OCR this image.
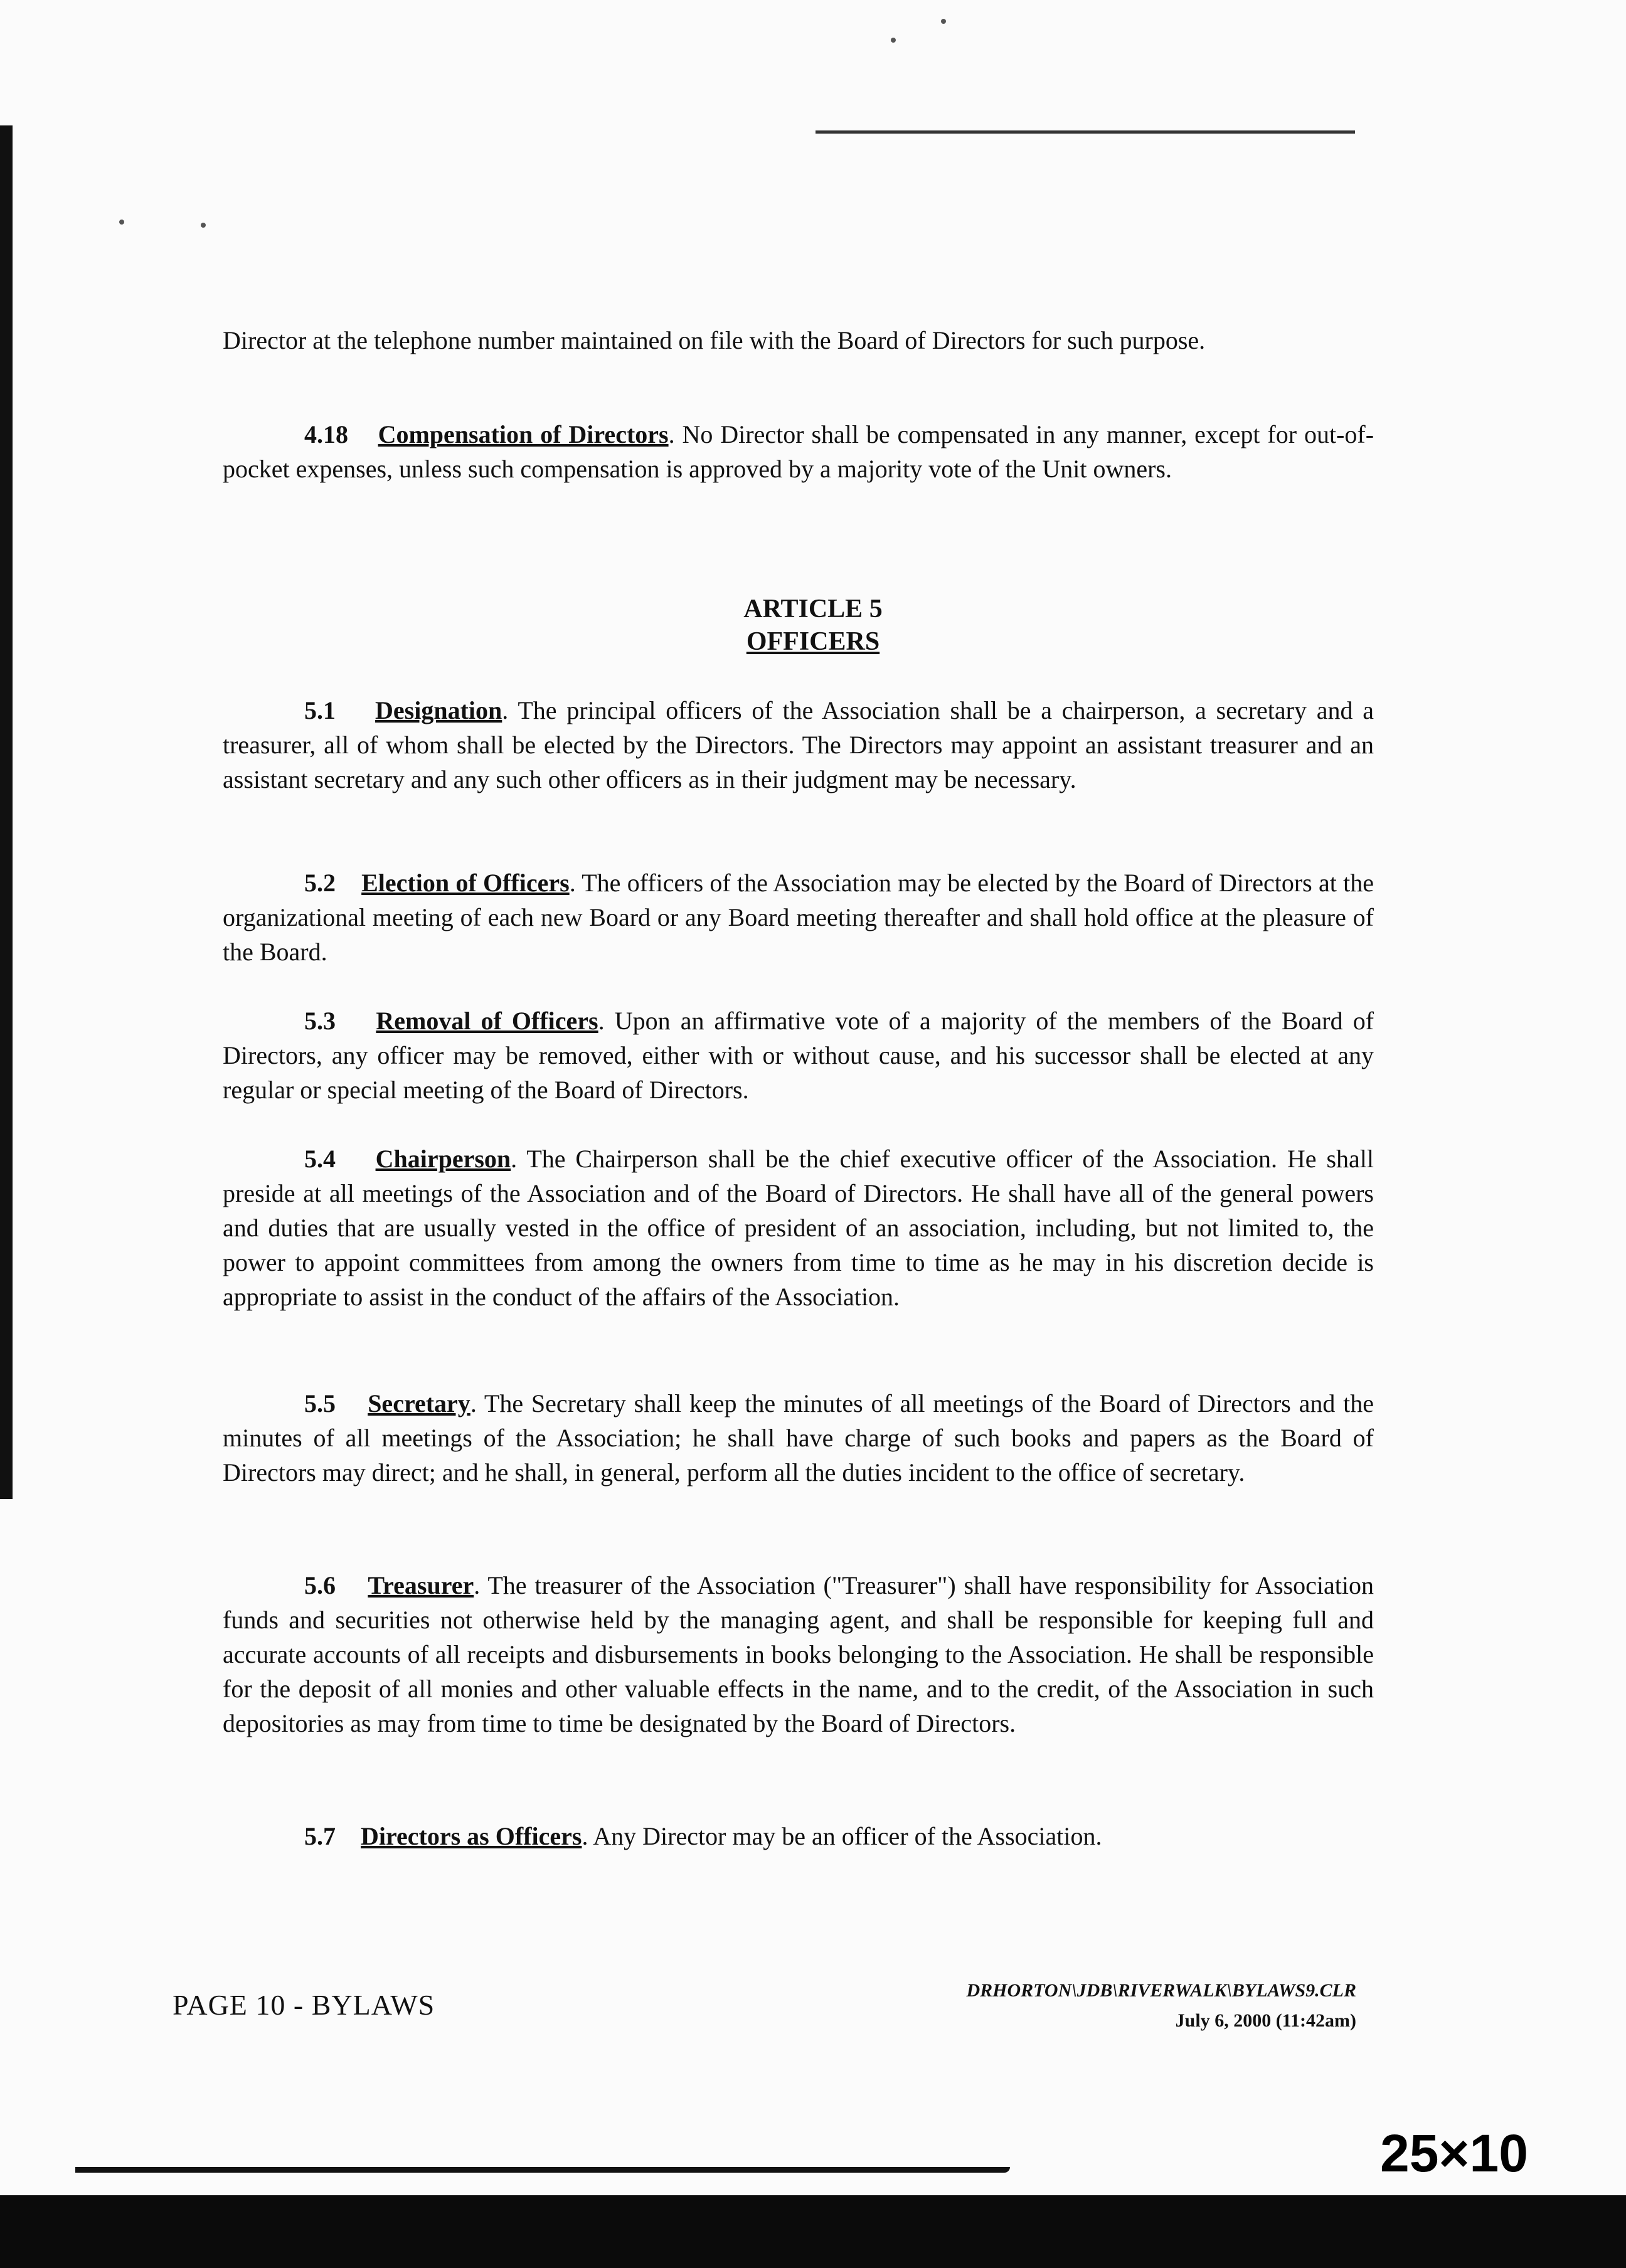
Director at the telephone number maintained on file with the Board of Directors for such purpose.

4.18 Compensation of Directors. No Director shall be compensated in any manner, except for out-of-pocket expenses, unless such compensation is approved by a majority vote of the Unit owners.

ARTICLE 5

OFFICERS

5.1 Designation. The principal officers of the Association shall be a chairperson, a secretary and a treasurer, all of whom shall be elected by the Directors. The Directors may appoint an assistant treasurer and an assistant secretary and any such other officers as in their judgment may be necessary.

5.2 Election of Officers. The officers of the Association may be elected by the Board of Directors at the organizational meeting of each new Board or any Board meeting thereafter and shall hold office at the pleasure of the Board.

5.3 Removal of Officers. Upon an affirmative vote of a majority of the members of the Board of Directors, any officer may be removed, either with or without cause, and his successor shall be elected at any regular or special meeting of the Board of Directors.

5.4 Chairperson. The Chairperson shall be the chief executive officer of the Association. He shall preside at all meetings of the Association and of the Board of Directors. He shall have all of the general powers and duties that are usually vested in the office of president of an association, including, but not limited to, the power to appoint committees from among the owners from time to time as he may in his discretion decide is appropriate to assist in the conduct of the affairs of the Association.

5.5 Secretary. The Secretary shall keep the minutes of all meetings of the Board of Directors and the minutes of all meetings of the Association; he shall have charge of such books and papers as the Board of Directors may direct; and he shall, in general, perform all the duties incident to the office of secretary.

5.6 Treasurer. The treasurer of the Association ("Treasurer") shall have responsibility for Association funds and securities not otherwise held by the managing agent, and shall be responsible for keeping full and accurate accounts of all receipts and disbursements in books belonging to the Association. He shall be responsible for the deposit of all monies and other valuable effects in the name, and to the credit, of the Association in such depositories as may from time to time be designated by the Board of Directors.

5.7 Directors as Officers. Any Director may be an officer of the Association.

PAGE 10 - BYLAWS	DRHORTON\JDB\RIVERWALK\BYLAWS9.CLR
July 6, 2000 (11:42am)
25×10
